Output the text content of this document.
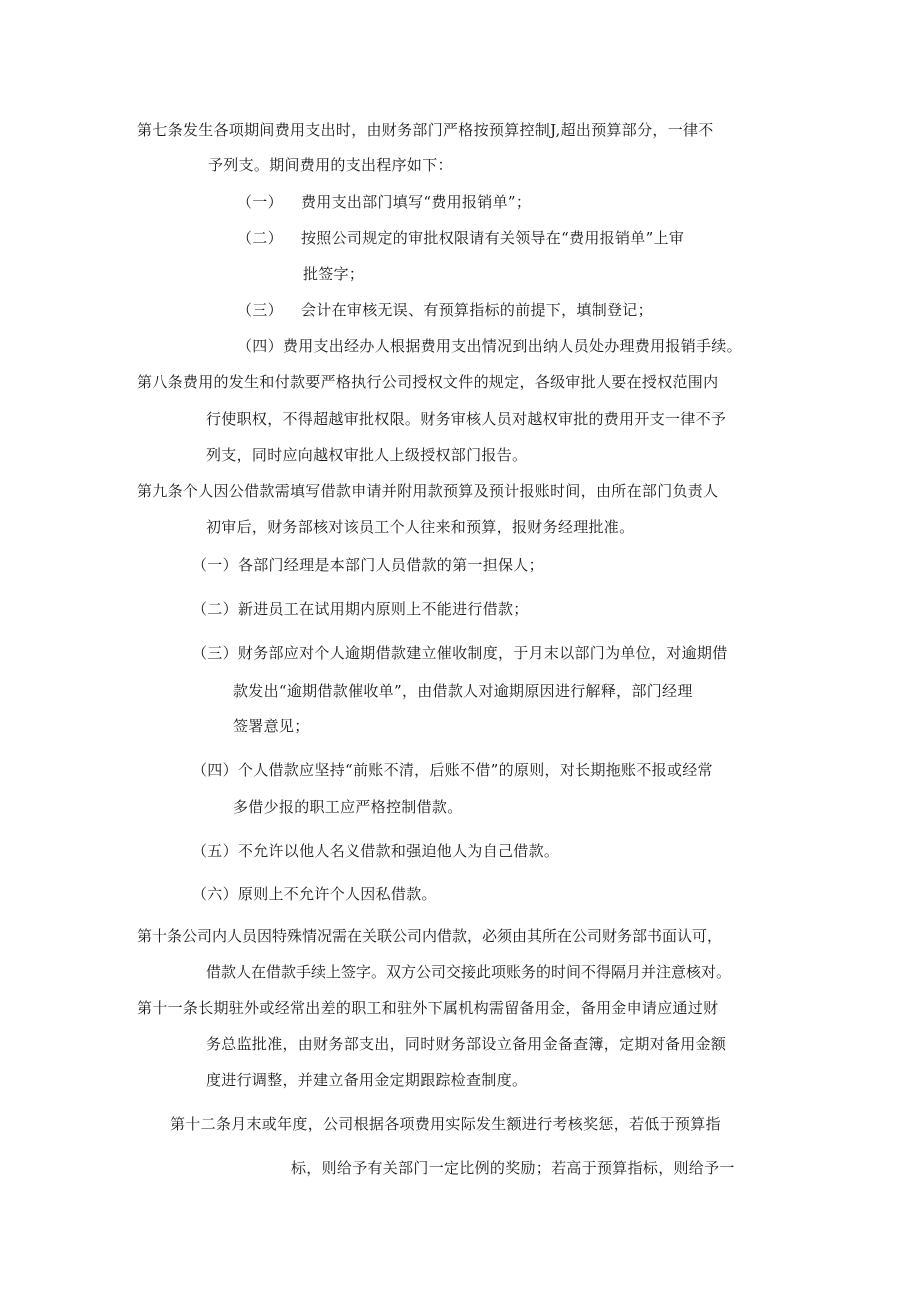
第七条发生各项期间费用支出时，由财务部门严格按预算控制J,超出预算部分，一律不
予列支。期间费用的支出程序如下：
（一） 费用支出部门填写“费用报销单”；
（二） 按照公司规定的审批权限请有关领导在“费用报销单”上审
批签字；
（三） 会计在审核无误、有预算指标的前提下，填制登记；
（四）费用支出经办人根据费用支出情况到出纳人员处办理费用报销手续。
第八条费用的发生和付款要严格执行公司授权文件的规定，各级审批人要在授权范围内
行使职权，不得超越审批权限。财务审核人员对越权审批的费用开支一律不予
列支，同时应向越权审批人上级授权部门报告。
第九条个人因公借款需填写借款申请并附用款预算及预计报账时间，由所在部门负责人
初审后，财务部核对该员工个人往来和预算，报财务经理批准。
（一）各部门经理是本部门人员借款的第一担保人；
（二）新进员工在试用期内原则上不能进行借款；
（三）财务部应对个人逾期借款建立催收制度，于月末以部门为单位，对逾期借
款发出“逾期借款催收单”，由借款人对逾期原因进行解释，部门经理
签署意见；
（四）个人借款应坚持“前账不清，后账不借”的原则，对长期拖账不报或经常
多借少报的职工应严格控制借款。
（五）不允许以他人名义借款和强迫他人为自己借款。
（六）原则上不允许个人因私借款。
第十条公司内人员因特殊情况需在关联公司内借款，必须由其所在公司财务部书面认可，
借款人在借款手续上签字。双方公司交接此项账务的时间不得隔月并注意核对。
第十一条长期驻外或经常出差的职工和驻外下属机构需留备用金，备用金申请应通过财
务总监批准，由财务部支出，同时财务部设立备用金备查簿，定期对备用金额
度进行调整，并建立备用金定期跟踪检查制度。
第十二条月末或年度，公司根据各项费用实际发生额进行考核奖惩，若低于预算指
标，则给予有关部门一定比例的奖励；若高于预算指标，则给予一
